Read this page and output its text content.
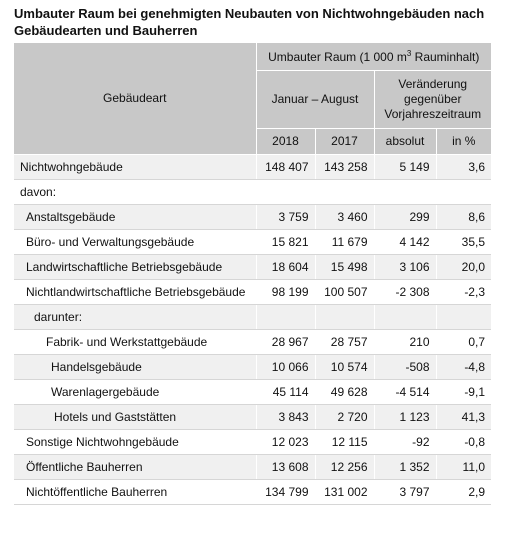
Umbauter Raum bei genehmigten Neubauten von Nichtwohngebäuden nach Gebäudearten und Bauherren
Gebäudeart	Umbauter Raum (1 000 $m^3$ Rauminhalt)			
	Januar – August		Veränderung
gegenüber
Vorjahreszeitraum	

	2018	2017	absolut	in %
Nichtwohngebäude	148 407	143 258	5 149	3,6
davon:				
Anstaltsgebäude	3 759	3 460	299	8,6
Büro- und Verwaltungsgebäude	15 821	11 679	4 142	35,5
Landwirtschaftliche Betriebsgebäude	18 604	15 498	3 106	20,0
Nichtlandwirtschaftliche Betriebsgebäude	98 199	100 507	-2 308	-2,3
darunter:				
Fabrik- und Werkstattgebäude	28 967	28 757	210	0,7
Handelsgebäude	10 066	10 574	-508	-4,8
Warenlagergebäude	45 114	49 628	-4 514	-9,1
Hotels und Gaststätten	3 843	2 720	1 123	41,3
Sonstige Nichtwohngebäude	12 023	12 115	-92	-0,8
Öffentliche Bauherren	13 608	12 256	1 352	11,0
Nichtöffentliche Bauherren	134 799	131 002	3 797	2,9
